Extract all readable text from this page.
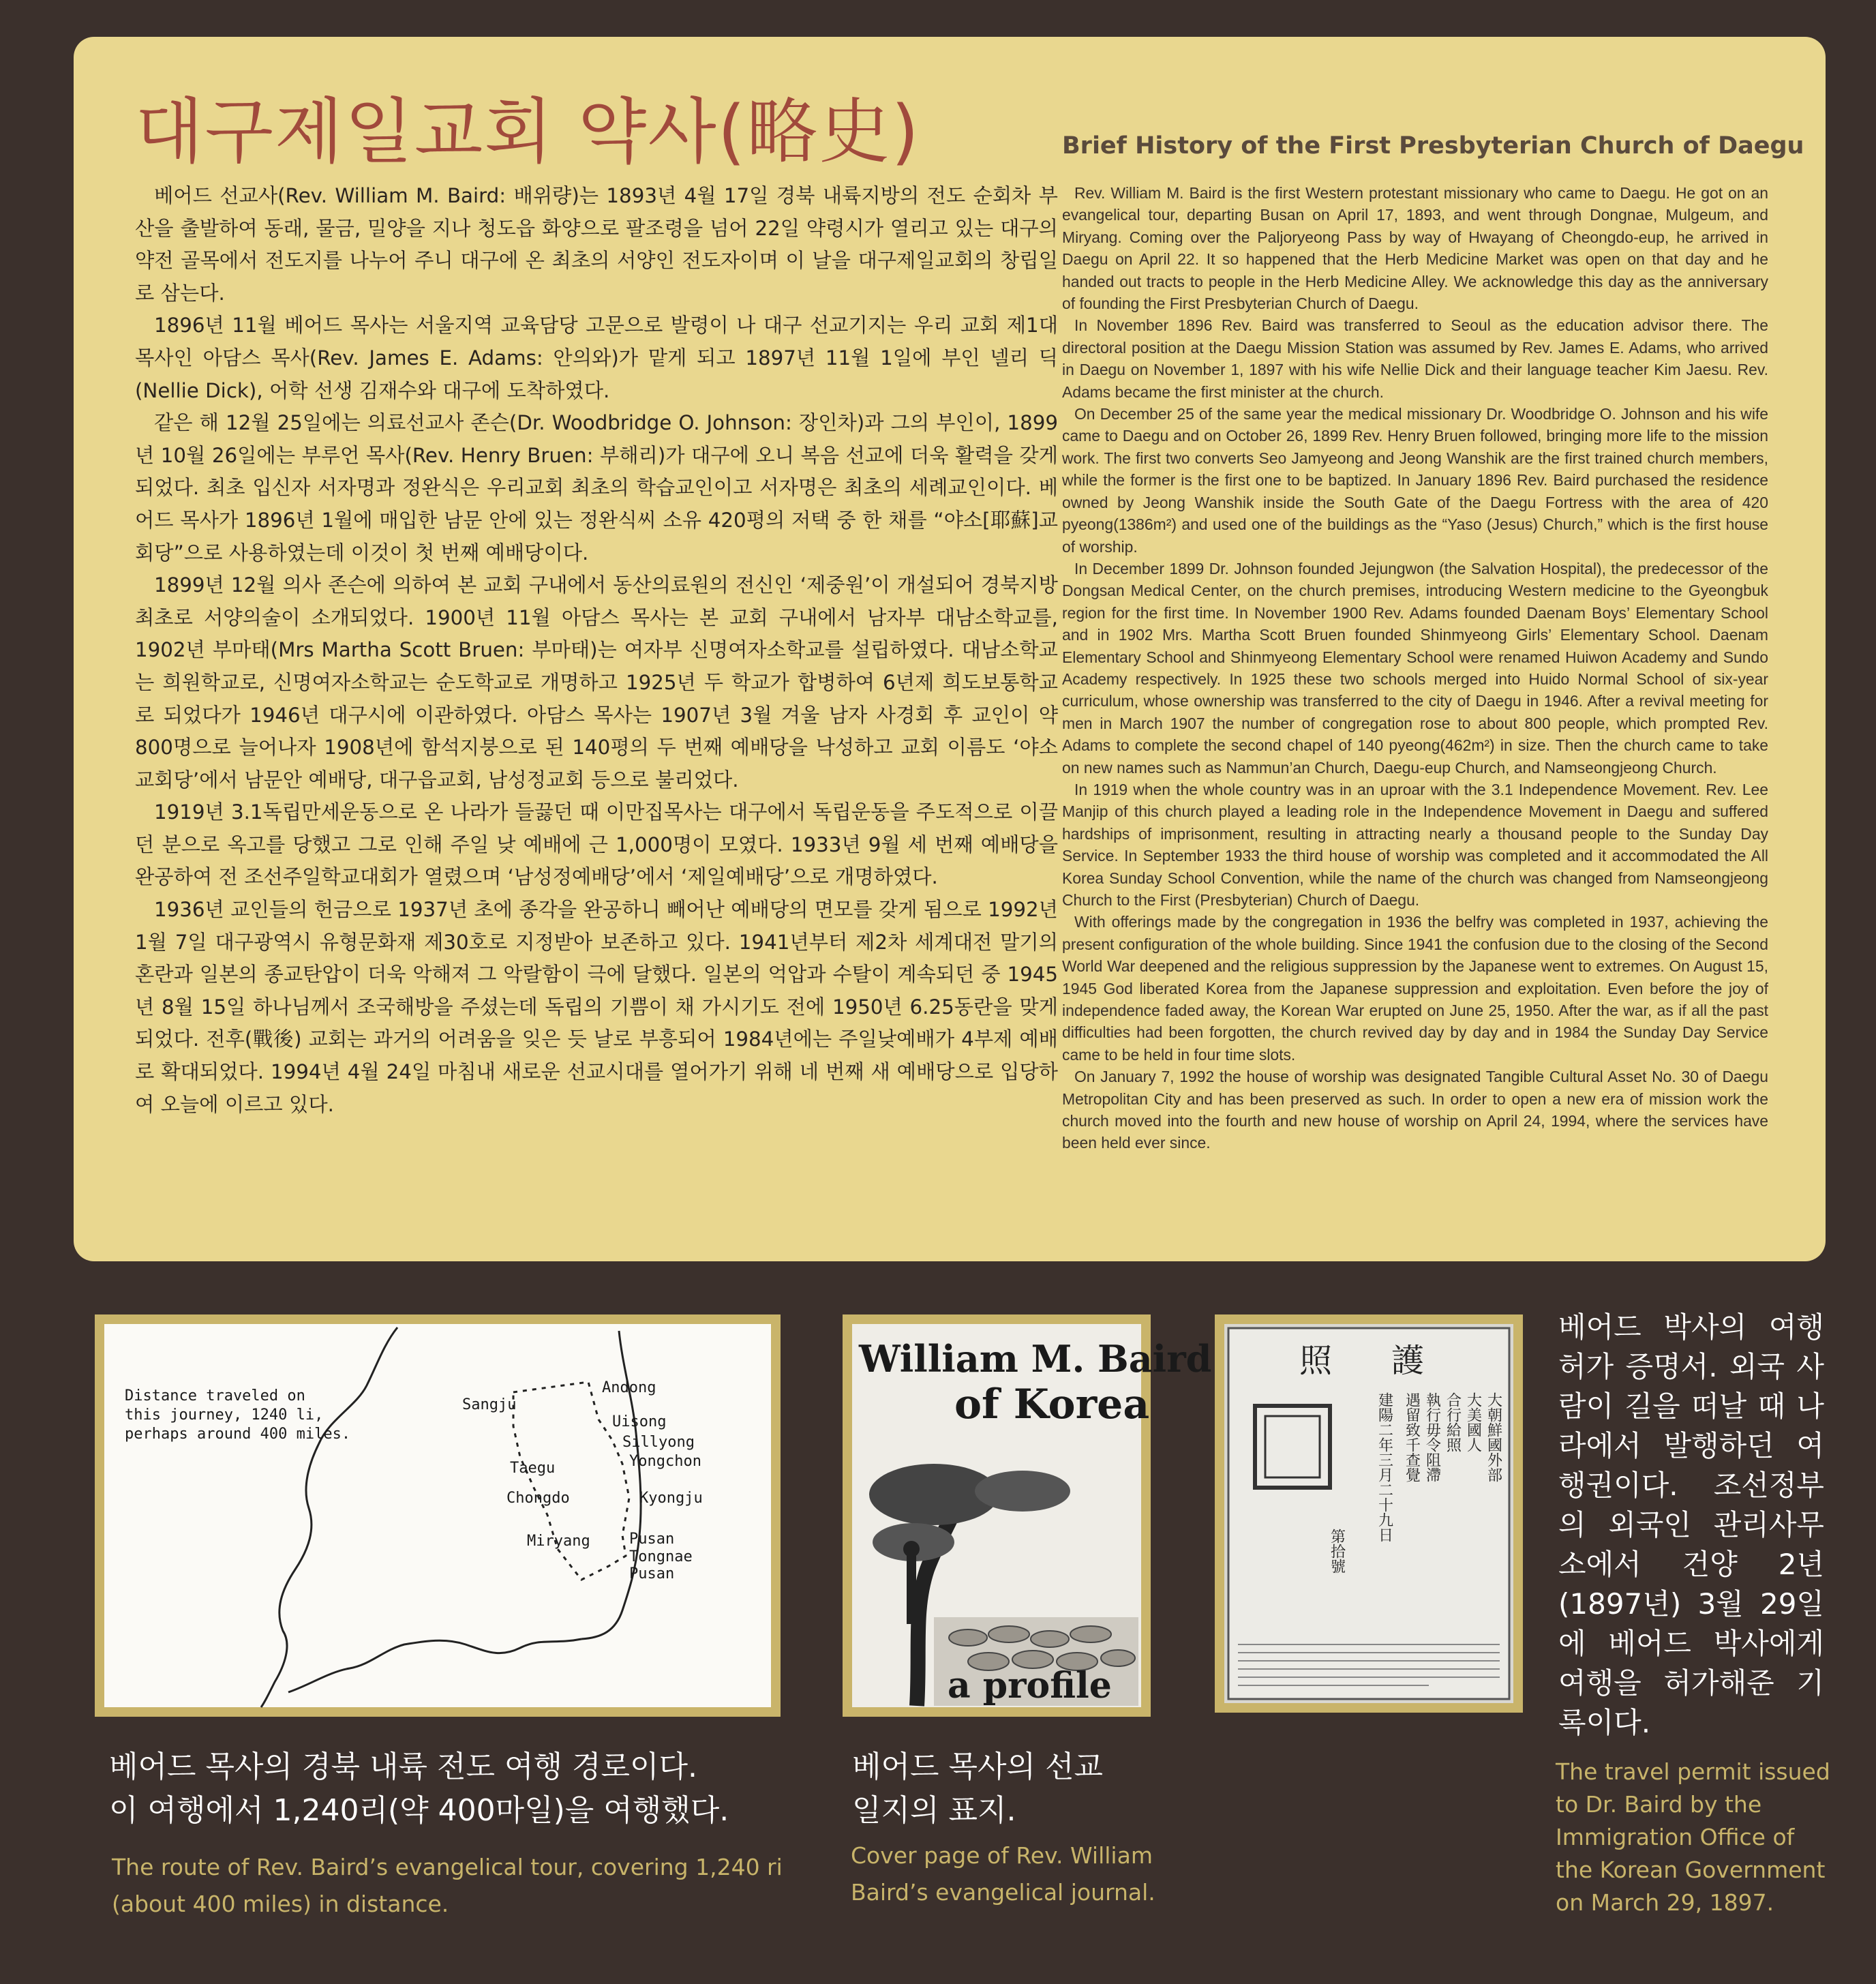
대구제일교회 약사(略史)	Brief History of the First Presbyterian Church of Daegu

베어드 선교사(Rev. William M. Baird: 배위량)는 1893년 4월 17일 경북 내륙지방의 전도 순회차 부산을 출발하여 동래, 물금, 밀양을 지나 청도읍 화양으로 팔조령을 넘어 22일 약령시가 열리고 있는 대구의 약전 골목에서 전도지를 나누어 주니 대구에 온 최초의 서양인 전도자이며 이 날을 대구제일교회의 창립일로 삼는다.

1896년 11월 베어드 목사는 서울지역 교육담당 고문으로 발령이 나 대구 선교기지는 우리 교회 제1대 목사인 아담스 목사(Rev. James E. Adams: 안의와)가 맡게 되고 1897년 11월 1일에 부인 넬리 딕(Nellie Dick), 어학 선생 김재수와 대구에 도착하였다.

같은 해 12월 25일에는 의료선교사 존슨(Dr. Woodbridge O. Johnson: 장인차)과 그의 부인이, 1899년 10월 26일에는 부루언 목사(Rev. Henry Bruen: 부해리)가 대구에 오니 복음 선교에 더욱 활력을 갖게 되었다. 최초 입신자 서자명과 정완식은 우리교회 최초의 학습교인이고 서자명은 최초의 세례교인이다. 베어드 목사가 1896년 1월에 매입한 남문 안에 있는 정완식씨 소유 420평의 저택 중 한 채를 “야소[耶蘇]교회당”으로 사용하였는데 이것이 첫 번째 예배당이다.

1899년 12월 의사 존슨에 의하여 본 교회 구내에서 동산의료원의 전신인 ‘제중원’이 개설되어 경북지방 최초로 서양의술이 소개되었다. 1900년 11월 아담스 목사는 본 교회 구내에서 남자부 대남소학교를, 1902년 부마태(Mrs Martha Scott Bruen: 부마태)는 여자부 신명여자소학교를 설립하였다. 대남소학교는 희원학교로, 신명여자소학교는 순도학교로 개명하고 1925년 두 학교가 합병하여 6년제 희도보통학교로 되었다가 1946년 대구시에 이관하였다. 아담스 목사는 1907년 3월 겨울 남자 사경회 후 교인이 약 800명으로 늘어나자 1908년에 함석지붕으로 된 140평의 두 번째 예배당을 낙성하고 교회 이름도 ‘야소교회당’에서 남문안 예배당, 대구읍교회, 남성정교회 등으로 불리었다.

1919년 3.1독립만세운동으로 온 나라가 들끓던 때 이만집목사는 대구에서 독립운동을 주도적으로 이끌던 분으로 옥고를 당했고 그로 인해 주일 낮 예배에 근 1,000명이 모였다. 1933년 9월 세 번째 예배당을 완공하여 전 조선주일학교대회가 열렸으며 ‘남성정예배당’에서 ‘제일예배당’으로 개명하였다.

1936년 교인들의 헌금으로 1937년 초에 종각을 완공하니 빼어난 예배당의 면모를 갖게 됨으로 1992년 1월 7일 대구광역시 유형문화재 제30호로 지정받아 보존하고 있다. 1941년부터 제2차 세계대전 말기의 혼란과 일본의 종교탄압이 더욱 악해져 그 악랄함이 극에 달했다. 일본의 억압과 수탈이 계속되던 중 1945년 8월 15일 하나님께서 조국해방을 주셨는데 독립의 기쁨이 채 가시기도 전에 1950년 6.25동란을 맞게 되었다. 전후(戰後) 교회는 과거의 어려움을 잊은 듯 날로 부흥되어 1984년에는 주일낮예배가 4부제 예배로 확대되었다. 1994년 4월 24일 마침내 새로운 선교시대를 열어가기 위해 네 번째 새 예배당으로 입당하여 오늘에 이르고 있다.

Rev. William M. Baird is the first Western protestant missionary who came to Daegu. He got on an evangelical tour, departing Busan on April 17, 1893, and went through Dongnae, Mulgeum, and Miryang. Coming over the Paljoryeong Pass by way of Hwayang of Cheongdo-eup, he arrived in Daegu on April 22. It so happened that the Herb Medicine Market was open on that day and he handed out tracts to people in the Herb Medicine Alley. We acknowledge this day as the anniversary of founding the First Presbyterian Church of Daegu.

In November 1896 Rev. Baird was transferred to Seoul as the education advisor there. The directoral position at the Daegu Mission Station was assumed by Rev. James E. Adams, who arrived in Daegu on November 1, 1897 with his wife Nellie Dick and their language teacher Kim Jaesu. Rev. Adams became the first minister at the church.

On December 25 of the same year the medical missionary Dr. Woodbridge O. Johnson and his wife came to Daegu and on October 26, 1899 Rev. Henry Bruen followed, bringing more life to the mission work. The first two converts Seo Jamyeong and Jeong Wanshik are the first trained church members, while the former is the first one to be baptized. In January 1896 Rev. Baird purchased the residence owned by Jeong Wanshik inside the South Gate of the Daegu Fortress with the area of 420 pyeong(1386m²) and used one of the buildings as the “Yaso (Jesus) Church,” which is the first house of worship.

In December 1899 Dr. Johnson founded Jejungwon (the Salvation Hospital), the predecessor of the Dongsan Medical Center, on the church premises, introducing Western medicine to the Gyeongbuk region for the first time. In November 1900 Rev. Adams founded Daenam Boys’ Elementary School and in 1902 Mrs. Martha Scott Bruen founded Shinmyeong Girls’ Elementary School. Daenam Elementary School and Shinmyeong Elementary School were renamed Huiwon Academy and Sundo Academy respectively. In 1925 these two schools merged into Huido Normal School of six-year curriculum, whose ownership was transferred to the city of Daegu in 1946. After a revival meeting for men in March 1907 the number of congregation rose to about 800 people, which prompted Rev. Adams to complete the second chapel of 140 pyeong(462m²) in size. Then the church came to take on new names such as Nammun’an Church, Daegu-eup Church, and Namseongjeong Church.

In 1919 when the whole country was in an uproar with the 3.1 Independence Movement. Rev. Lee Manjip of this church played a leading role in the Independence Movement in Daegu and suffered hardships of imprisonment, resulting in attracting nearly a thousand people to the Sunday Day Service. In September 1933 the third house of worship was completed and it accommodated the All Korea Sunday School Convention, while the name of the church was changed from Namseongjeong Church to the First (Presbyterian) Church of Daegu.

With offerings made by the congregation in 1936 the belfry was completed in 1937, achieving the present configuration of the whole building. Since 1941 the confusion due to the closing of the Second World War deepened and the religious suppression by the Japanese went to extremes. On August 15, 1945 God liberated Korea from the Japanese suppression and exploitation. Even before the joy of independence faded away, the Korean War erupted on June 25, 1950. After the war, as if all the past difficulties had been forgotten, the church revived day by day and in 1984 the Sunday Day Service came to be held in four time slots.

On January 7, 1992 the house of worship was designated Tangible Cultural Asset No. 30 of Daegu Metropolitan City and has been preserved as such. In order to open a new era of mission work the church moved into the fourth and new house of worship on April 24, 1994, where the services have been held ever since.

Distance traveled on
this journey, 1240 li,
perhaps around 400 miles.
Andong
Sangju
Uisong
Sillyong
Yongchon
Taegu
Chongdo	Kyongju
Miryang	Pusan
Tongnae
Pusan

베어드 목사의 경북 내륙 전도 여행 경로이다.
이 여행에서 1,240리(약 400마일)을 여행했다.

The route of Rev. Baird’s evangelical tour, covering 1,240 ri
(about 400 miles) in distance.

William M. Baird
of Korea
a profile

베어드 목사의 선교
일지의 표지.

Cover page of Rev. William
Baird’s evangelical journal.

照 護
大朝鮮國外部
大美國人
合行給照
執行毋令阻滯
遇留致千查覺
建陽二年三月二十九日
第拾號

베어드 박사의 여행 허가 증명서. 외국 사람이 길을 떠날 때 나라에서 발행하던 여행권이다. 조선정부의 외국인 관리사무소에서 건양 2년(1897년) 3월 29일에 베어드 박사에게 여행을 허가해준 기록이다.

The travel permit issued
to Dr. Baird by the
Immigration Office of
the Korean Government
on March 29, 1897.
